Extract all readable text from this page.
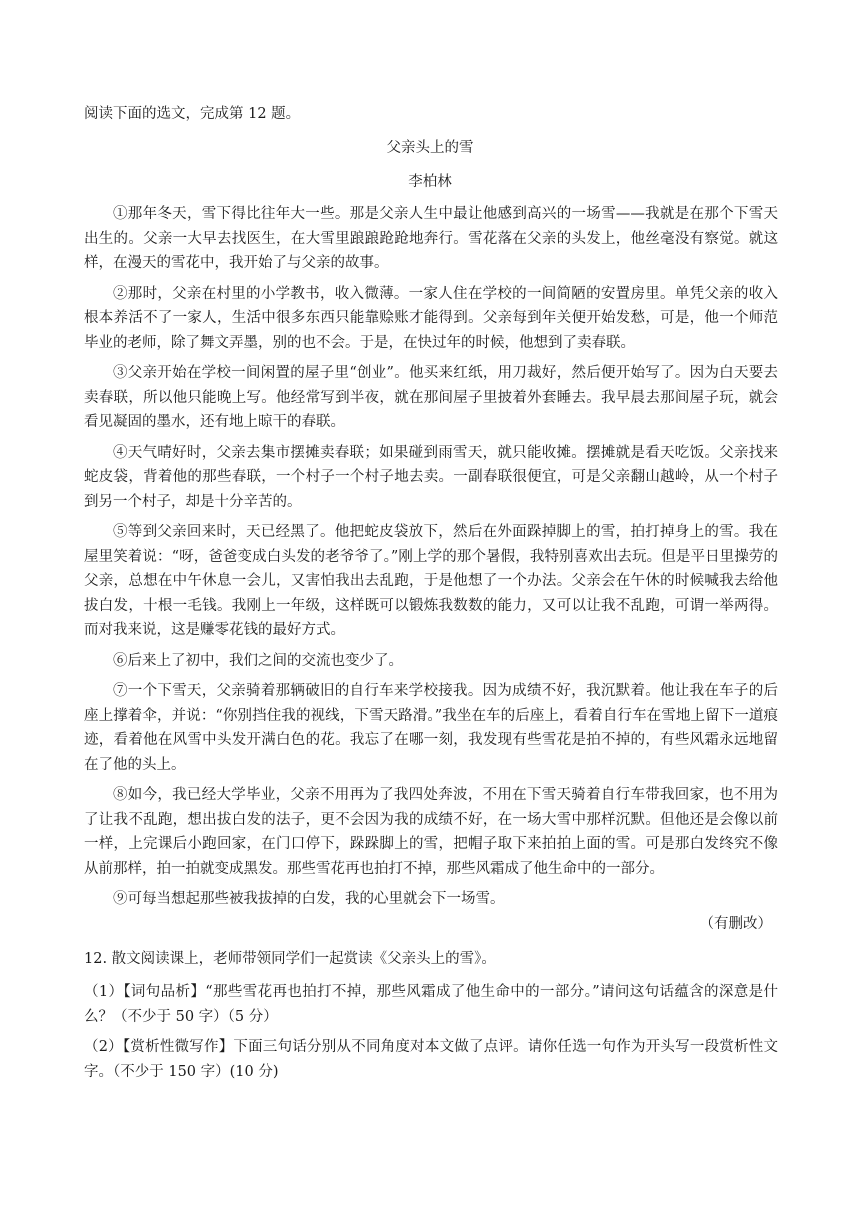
阅读下面的选文，完成第 12 题。
父亲头上的雪
李柏林

①那年冬天，雪下得比往年大一些。那是父亲人生中最让他感到高兴的一场雪——我就是在那个下雪天出生的。父亲一大早去找医生，在大雪里踉踉跄跄地奔行。雪花落在父亲的头发上，他丝毫没有察觉。就这样，在漫天的雪花中，我开始了与父亲的故事。

②那时，父亲在村里的小学教书，收入微薄。一家人住在学校的一间简陋的安置房里。单凭父亲的收入根本养活不了一家人，生活中很多东西只能靠赊账才能得到。父亲每到年关便开始发愁，可是，他一个师范毕业的老师，除了舞文弄墨，别的也不会。于是，在快过年的时候，他想到了卖春联。

③父亲开始在学校一间闲置的屋子里“创业”。他买来红纸，用刀裁好，然后便开始写了。因为白天要去卖春联，所以他只能晚上写。他经常写到半夜，就在那间屋子里披着外套睡去。我早晨去那间屋子玩，就会看见凝固的墨水，还有地上晾干的春联。

④天气晴好时，父亲去集市摆摊卖春联；如果碰到雨雪天，就只能收摊。摆摊就是看天吃饭。父亲找来蛇皮袋，背着他的那些春联，一个村子一个村子地去卖。一副春联很便宜，可是父亲翻山越岭，从一个村子到另一个村子，却是十分辛苦的。

⑤等到父亲回来时，天已经黑了。他把蛇皮袋放下，然后在外面跺掉脚上的雪，拍打掉身上的雪。我在屋里笑着说：“呀，爸爸变成白头发的老爷爷了。”刚上学的那个暑假，我特别喜欢出去玩。但是平日里操劳的父亲，总想在中午休息一会儿，又害怕我出去乱跑，于是他想了一个办法。父亲会在午休的时候喊我去给他拔白发，十根一毛钱。我刚上一年级，这样既可以锻炼我数数的能力，又可以让我不乱跑，可谓一举两得。而对我来说，这是赚零花钱的最好方式。

⑥后来上了初中，我们之间的交流也变少了。

⑦一个下雪天，父亲骑着那辆破旧的自行车来学校接我。因为成绩不好，我沉默着。他让我在车子的后座上撑着伞，并说：“你别挡住我的视线，下雪天路滑。”我坐在车的后座上，看着自行车在雪地上留下一道痕迹，看着他在风雪中头发开满白色的花。我忘了在哪一刻，我发现有些雪花是拍不掉的，有些风霜永远地留在了他的头上。

⑧如今，我已经大学毕业，父亲不用再为了我四处奔波，不用在下雪天骑着自行车带我回家，也不用为了让我不乱跑，想出拔白发的法子，更不会因为我的成绩不好，在一场大雪中那样沉默。但他还是会像以前一样，上完课后小跑回家，在门口停下，跺跺脚上的雪，把帽子取下来拍拍上面的雪。可是那白发终究不像从前那样，拍一拍就变成黑发。那些雪花再也拍打不掉，那些风霜成了他生命中的一部分。

⑨可每当想起那些被我拔掉的白发，我的心里就会下一场雪。

（有删改）

12. 散文阅读课上，老师带领同学们一起赏读《父亲头上的雪》。

（1）【词句品析】“那些雪花再也拍打不掉，那些风霜成了他生命中的一部分。”请问这句话蕴含的深意是什么？（不少于 50 字）（5 分）

（2）【赏析性微写作】下面三句话分别从不同角度对本文做了点评。请你任选一句作为开头写一段赏析性文字。（不少于 150 字）(10 分)
